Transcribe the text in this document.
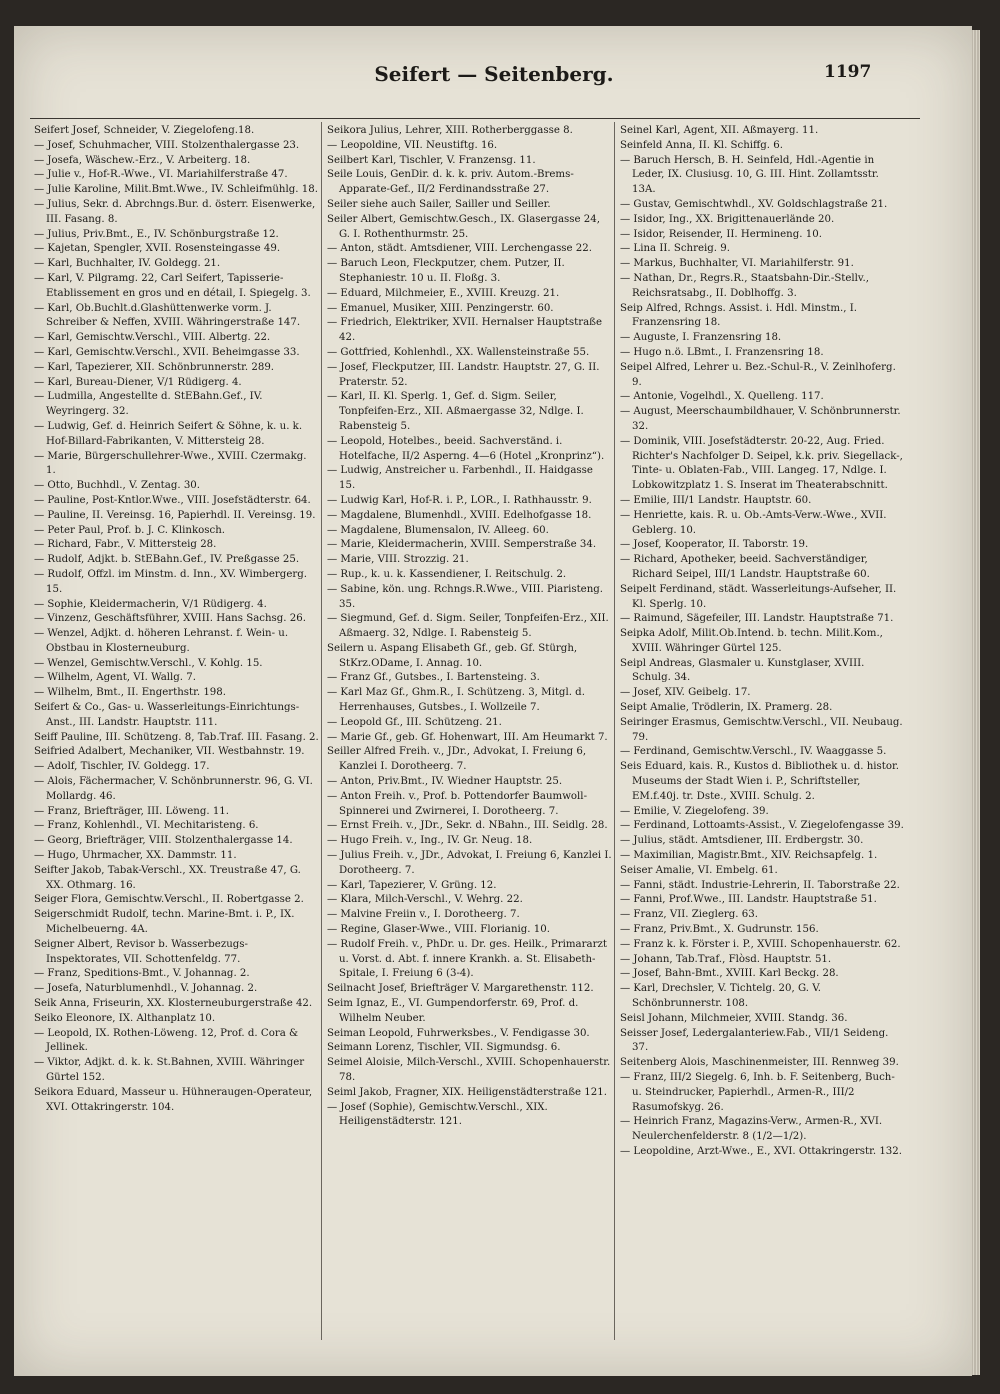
Seifert — Seitenberg.	1197

Seifert Josef, Schneider, V. Ziegelofeng.18.

— Josef, Schuhmacher, VIII. Stolzenthalergasse 23.

— Josefa, Wäschew.-Erz., V. Arbeiterg. 18.

— Julie v., Hof-R.-Wwe., VI. Mariahilferstraße 47.

— Julie Karoline, Milit.Bmt.Wwe., IV. Schleifmühlg. 18.

— Julius, Sekr. d. Abrchngs.Bur. d. österr. Eisenwerke, III. Fasang. 8.

— Julius, Priv.Bmt., E., IV. Schönburgstraße 12.

— Kajetan, Spengler, XVII. Rosensteingasse 49.

— Karl, Buchhalter, IV. Goldegg. 21.

— Karl, V. Pilgramg. 22, Carl Seifert, Tapisserie-Etablissement en gros und en détail, I. Spiegelg. 3.

— Karl, Ob.Buchlt.d.Glashüttenwerke vorm. J. Schreiber & Neffen, XVIII. Währingerstraße 147.

— Karl, Gemischtw.Verschl., VIII. Albertg. 22.

— Karl, Gemischtw.Verschl., XVII. Beheimgasse 33.

— Karl, Tapezierer, XII. Schönbrunnerstr. 289.

— Karl, Bureau-Diener, V/1 Rüdigerg. 4.

— Ludmilla, Angestellte d. StEBahn.Gef., IV. Weyringerg. 32.

— Ludwig, Gef. d. Heinrich Seifert & Söhne, k. u. k. Hof-Billard-Fabrikanten, V. Mittersteig 28.

— Marie, Bürgerschullehrer-Wwe., XVIII. Czermakg. 1.

— Otto, Buchhdl., V. Zentag. 30.

— Pauline, Post-Kntlor.Wwe., VIII. Josefstädterstr. 64.

— Pauline, II. Vereinsg. 16, Papierhdl. II. Vereinsg. 19.

— Peter Paul, Prof. b. J. C. Klinkosch.

— Richard, Fabr., V. Mittersteig 28.

— Rudolf, Adjkt. b. StEBahn.Gef., IV. Preßgasse 25.

— Rudolf, Offzl. im Minstm. d. Inn., XV. Wimbergerg. 15.

— Sophie, Kleidermacherin, V/1 Rüdigerg. 4.

— Vinzenz, Geschäftsführer, XVIII. Hans Sachsg. 26.

— Wenzel, Adjkt. d. höheren Lehranst. f. Wein- u. Obstbau in Klosterneuburg.

— Wenzel, Gemischtw.Verschl., V. Kohlg. 15.

— Wilhelm, Agent, VI. Wallg. 7.

— Wilhelm, Bmt., II. Engerthstr. 198.

Seifert & Co., Gas- u. Wasserleitungs-Einrichtungs-Anst., III. Landstr. Hauptstr. 111.

Seiff Pauline, III. Schützeng. 8, Tab.Traf. III. Fasang. 2.

Seifried Adalbert, Mechaniker, VII. Westbahnstr. 19.

— Adolf, Tischler, IV. Goldegg. 17.

— Alois, Fächermacher, V. Schönbrunnerstr. 96, G. VI. Mollardg. 46.

— Franz, Briefträger, III. Löweng. 11.

— Franz, Kohlenhdl., VI. Mechitaristeng. 6.

— Georg, Briefträger, VIII. Stolzenthalergasse 14.

— Hugo, Uhrmacher, XX. Dammstr. 11.

Seifter Jakob, Tabak-Verschl., XX. Treustraße 47, G. XX. Othmarg. 16.

Seiger Flora, Gemischtw.Verschl., II. Robertgasse 2.

Seigerschmidt Rudolf, techn. Marine-Bmt. i. P., IX. Michelbeuerng. 4A.

Seigner Albert, Revisor b. Wasserbezugs-Inspektorates, VII. Schottenfeldg. 77.

— Franz, Speditions-Bmt., V. Johannag. 2.

— Josefa, Naturblumenhdl., V. Johannag. 2.

Seik Anna, Friseurin, XX. Klosterneuburgerstraße 42.

Seiko Eleonore, IX. Althanplatz 10.

— Leopold, IX. Rothen-Löweng. 12, Prof. d. Cora & Jellinek.

— Viktor, Adjkt. d. k. k. St.Bahnen, XVIII. Währinger Gürtel 152.

Seikora Eduard, Masseur u. Hühneraugen-Operateur, XVI. Ottakringerstr. 104.

Seikora Julius, Lehrer, XIII. Rotherberggasse 8.

— Leopoldine, VII. Neustiftg. 16.

Seilbert Karl, Tischler, V. Franzensg. 11.

Seile Louis, GenDir. d. k. k. priv. Autom.-Brems-Apparate-Gef., II/2 Ferdinandsstraße 27.

Seiler siehe auch Sailer, Sailler und Seiller.

Seiler Albert, Gemischtw.Gesch., IX. Glasergasse 24, G. I. Rothenthurmstr. 25.

— Anton, städt. Amtsdiener, VIII. Lerchengasse 22.

— Baruch Leon, Fleckputzer, chem. Putzer, II. Stephaniestr. 10 u. II. Floßg. 3.

— Eduard, Milchmeier, E., XVIII. Kreuzg. 21.

— Emanuel, Musiker, XIII. Penzingerstr. 60.

— Friedrich, Elektriker, XVII. Hernalser Hauptstraße 42.

— Gottfried, Kohlenhdl., XX. Wallensteinstraße 55.

— Josef, Fleckputzer, III. Landstr. Hauptstr. 27, G. II. Praterstr. 52.

— Karl, II. Kl. Sperlg. 1, Gef. d. Sigm. Seiler, Tonpfeifen-Erz., XII. Aßmaergasse 32, Ndlge. I. Rabensteig 5.

— Leopold, Hotelbes., beeid. Sachverständ. i. Hotelfache, II/2 Asperng. 4—6 (Hotel „Kronprinz“).

— Ludwig, Anstreicher u. Farbenhdl., II. Haidgasse 15.

— Ludwig Karl, Hof-R. i. P., LOR., I. Rathhausstr. 9.

— Magdalene, Blumenhdl., XVIII. Edelhofgasse 18.

— Magdalene, Blumensalon, IV. Alleeg. 60.

— Marie, Kleidermacherin, XVIII. Semperstraße 34.

— Marie, VIII. Strozzig. 21.

— Rup., k. u. k. Kassendiener, I. Reitschulg. 2.

— Sabine, kön. ung. Rchngs.R.Wwe., VIII. Piaristeng. 35.

— Siegmund, Gef. d. Sigm. Seiler, Tonpfeifen-Erz., XII. Aßmaerg. 32, Ndlge. I. Rabensteig 5.

Seilern u. Aspang Elisabeth Gf., geb. Gf. Stürgh, StKrz.ODame, I. Annag. 10.

— Franz Gf., Gutsbes., I. Bartensteing. 3.

— Karl Maz Gf., Ghm.R., I. Schützeng. 3, Mitgl. d. Herrenhauses, Gutsbes., I. Wollzeile 7.

— Leopold Gf., III. Schützeng. 21.

— Marie Gf., geb. Gf. Hohenwart, III. Am Heumarkt 7.

Seiller Alfred Freih. v., JDr., Advokat, I. Freiung 6, Kanzlei I. Dorotheerg. 7.

— Anton, Priv.Bmt., IV. Wiedner Hauptstr. 25.

— Anton Freih. v., Prof. b. Pottendorfer Baumwoll-Spinnerei und Zwirnerei, I. Dorotheerg. 7.

— Ernst Freih. v., JDr., Sekr. d. NBahn., III. Seidlg. 28.

— Hugo Freih. v., Ing., IV. Gr. Neug. 18.

— Julius Freih. v., JDr., Advokat, I. Freiung 6, Kanzlei I. Dorotheerg. 7.

— Karl, Tapezierer, V. Grüng. 12.

— Klara, Milch-Verschl., V. Wehrg. 22.

— Malvine Freiin v., I. Dorotheerg. 7.

— Regine, Glaser-Wwe., VIII. Florianig. 10.

— Rudolf Freih. v., PhDr. u. Dr. ges. Heilk., Primararzt u. Vorst. d. Abt. f. innere Krankh. a. St. Elisabeth-Spitale, I. Freiung 6 (3-4).

Seilnacht Josef, Briefträger V. Margarethenstr. 112.

Seim Ignaz, E., VI. Gumpendorferstr. 69, Prof. d. Wilhelm Neuber.

Seiman Leopold, Fuhrwerksbes., V. Fendigasse 30.

Seimann Lorenz, Tischler, VII. Sigmundsg. 6.

Seimel Aloisie, Milch-Verschl., XVIII. Schopenhauerstr. 78.

Seiml Jakob, Fragner, XIX. Heiligenstädterstraße 121.

— Josef (Sophie), Gemischtw.Verschl., XIX. Heiligenstädterstr. 121.

Seinel Karl, Agent, XII. Aßmayerg. 11.

Seinfeld Anna, II. Kl. Schiffg. 6.

— Baruch Hersch, B. H. Seinfeld, Hdl.-Agentie in Leder, IX. Clusiusg. 10, G. III. Hint. Zollamtsstr. 13A.

— Gustav, Gemischtwhdl., XV. Goldschlagstraße 21.

— Isidor, Ing., XX. Brigittenauerlände 20.

— Isidor, Reisender, II. Hermineng. 10.

— Lina II. Schreig. 9.

— Markus, Buchhalter, VI. Mariahilferstr. 91.

— Nathan, Dr., Regrs.R., Staatsbahn-Dir.-Stellv., Reichsratsabg., II. Doblhoffg. 3.

Seip Alfred, Rchngs. Assist. i. Hdl. Minstm., I. Franzensring 18.

— Auguste, I. Franzensring 18.

— Hugo n.ö. LBmt., I. Franzensring 18.

Seipel Alfred, Lehrer u. Bez.-Schul-R., V. Zeinlhoferg. 9.

— Antonie, Vogelhdl., X. Quelleng. 117.

— August, Meerschaumbildhauer, V. Schönbrunnerstr. 32.

— Dominik, VIII. Josefstädterstr. 20-22, Aug. Fried. Richter's Nachfolger D. Seipel, k.k. priv. Siegellack-, Tinte- u. Oblaten-Fab., VIII. Langeg. 17, Ndlge. I. Lobkowitzplatz 1. S. Inserat im Theaterabschnitt.

— Emilie, III/1 Landstr. Hauptstr. 60.

— Henriette, kais. R. u. Ob.-Amts-Verw.-Wwe., XVII. Geblerg. 10.

— Josef, Kooperator, II. Taborstr. 19.

— Richard, Apotheker, beeid. Sachverständiger, Richard Seipel, III/1 Landstr. Hauptstraße 60.

Seipelt Ferdinand, städt. Wasserleitungs-Aufseher, II. Kl. Sperlg. 10.

— Raimund, Sägefeiler, III. Landstr. Hauptstraße 71.

Seipka Adolf, Milit.Ob.Intend. b. techn. Milit.Kom., XVIII. Währinger Gürtel 125.

Seipl Andreas, Glasmaler u. Kunstglaser, XVIII. Schulg. 34.

— Josef, XIV. Geibelg. 17.

Seipt Amalie, Trödlerin, IX. Pramerg. 28.

Seiringer Erasmus, Gemischtw.Verschl., VII. Neubaug. 79.

— Ferdinand, Gemischtw.Verschl., IV. Waaggasse 5.

Seis Eduard, kais. R., Kustos d. Bibliothek u. d. histor. Museums der Stadt Wien i. P., Schriftsteller, EM.f.40j. tr. Dste., XVIII. Schulg. 2.

— Emilie, V. Ziegelofeng. 39.

— Ferdinand, Lottoamts-Assist., V. Ziegelofengasse 39.

— Julius, städt. Amtsdiener, III. Erdbergstr. 30.

— Maximilian, Magistr.Bmt., XIV. Reichsapfelg. 1.

Seiser Amalie, VI. Embelg. 61.

— Fanni, städt. Industrie-Lehrerin, II. Taborstraße 22.

— Fanni, Prof.Wwe., III. Landstr. Hauptstraße 51.

— Franz, VII. Zieglerg. 63.

— Franz, Priv.Bmt., X. Gudrunstr. 156.

— Franz k. k. Förster i. P., XVIII. Schopenhauerstr. 62.

— Johann, Tab.Traf., Flòsd. Hauptstr. 51.

— Josef, Bahn-Bmt., XVIII. Karl Beckg. 28.

— Karl, Drechsler, V. Tichtelg. 20, G. V. Schönbrunnerstr. 108.

Seisl Johann, Milchmeier, XVIII. Standg. 36.

Seisser Josef, Ledergalanteriew.Fab., VII/1 Seideng. 37.

Seitenberg Alois, Maschinenmeister, III. Rennweg 39.

— Franz, III/2 Siegelg. 6, Inh. b. F. Seitenberg, Buch- u. Steindrucker, Papierhdl., Armen-R., III/2 Rasumofskyg. 26.

— Heinrich Franz, Magazins-Verw., Armen-R., XVI. Neulerchenfelderstr. 8 (1/2—1/2).

— Leopoldine, Arzt-Wwe., E., XVI. Ottakringerstr. 132.
